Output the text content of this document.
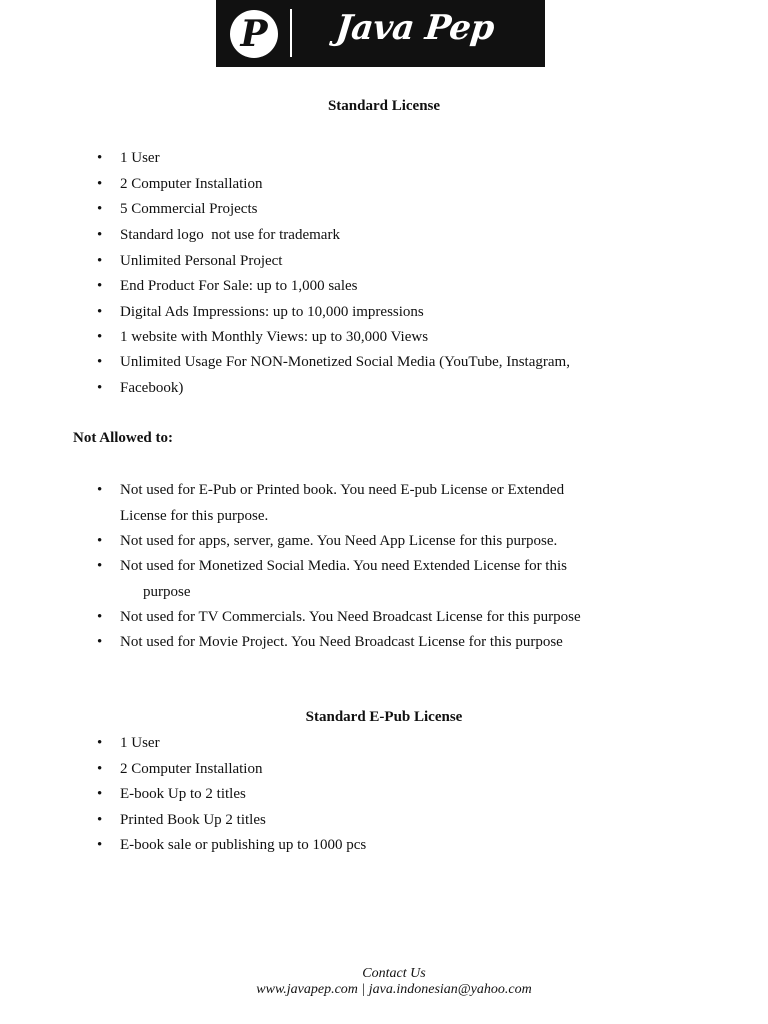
P	Java Pep
Standard License
• 1 User
• 2 Computer Installation
• 5 Commercial Projects
• Standard logo  not use for trademark
• Unlimited Personal Project
• End Product For Sale: up to 1,000 sales
• Digital Ads Impressions: up to 10,000 impressions
• 1 website with Monthly Views: up to 30,000 Views
• Unlimited Usage For NON-Monetized Social Media (YouTube, Instagram,
• Facebook)
Not Allowed to:
• Not used for E-Pub or Printed book. You need E-pub License or Extended
License for this purpose.
• Not used for apps, server, game. You Need App License for this purpose.
• Not used for Monetized Social Media. You need Extended License for this
purpose
• Not used for TV Commercials. You Need Broadcast License for this purpose
• Not used for Movie Project. You Need Broadcast License for this purpose
Standard E-Pub License
• 1 User
• 2 Computer Installation
• E-book Up to 2 titles
• Printed Book Up 2 titles
• E-book sale or publishing up to 1000 pcs
Contact Us
www.javapep.com | java.indonesian@yahoo.com
